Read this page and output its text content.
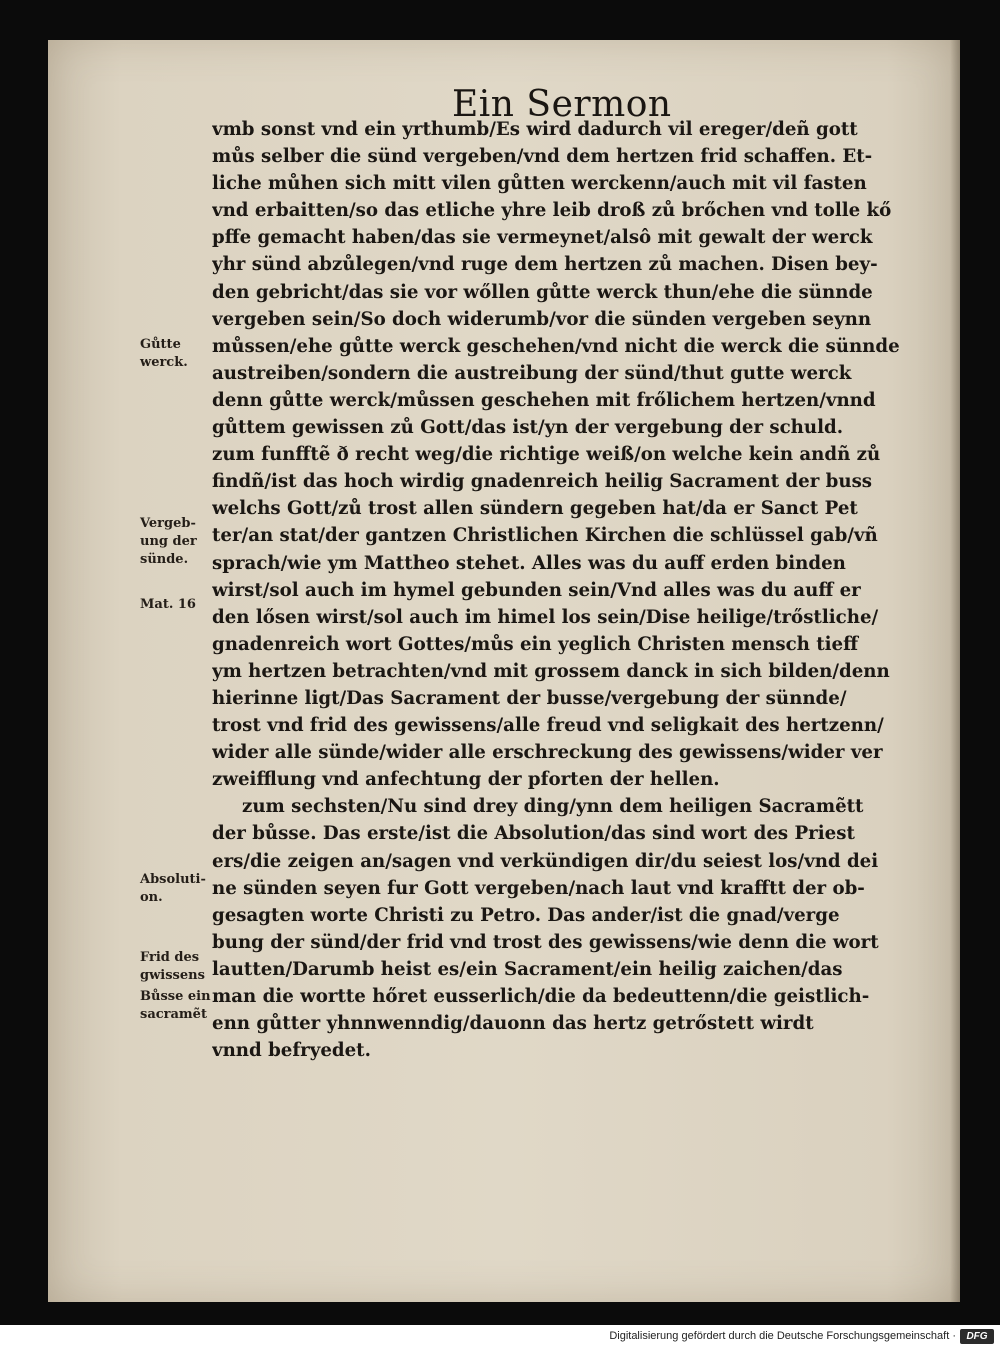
Ein Sermon
vmb sonst vnd ein yrthumb/Es wird dadurch vil ereger/deñ gott
můs selber die sünd vergeben/vnd dem hertzen frid schaffen. Et‑
liche můhen sich mitt vilen gůtten werckenn/auch mit vil fasten
vnd erbaitten/so das etliche yhre leib droß zů brőchen vnd tolle kő
pffe gemacht haben/das sie vermeynet/alsô mit gewalt der werck
yhr sünd abzůlegen/vnd ruge dem hertzen zů machen. Disen bey‑
den gebricht/das sie vor wőllen gůtte werck thun/ehe die sünnde
vergeben sein/So doch widerumb/vor die sünden vergeben seynn
můssen/ehe gůtte werck geschehen/vnd nicht die werck die sünnde
austreiben/sondern die austreibung der sünd/thut gutte werck
denn gůtte werck/můssen geschehen mit frőlichem hertzen/vnnd
gůttem gewissen zů Gott/das ist/yn der vergebung der schuld.
zum funfftẽ ð recht weg/die richtige weiß/on welche kein andñ zů
findñ/ist das hoch wirdig gnadenreich heilig Sacrament der buss
welchs Gott/zů trost allen sündern gegeben hat/da er Sanct Pet
ter/an stat/der gantzen Christlichen Kirchen die schlüssel gab/vñ
sprach/wie ym Mattheo stehet. Alles was du auff erden binden
wirst/sol auch im hymel gebunden sein/Vnd alles was du auff er
den lősen wirst/sol auch im himel los sein/Dise heilige/trőstliche/
gnadenreich wort Gottes/můs ein yeglich Christen mensch tieff
ym hertzen betrachten/vnd mit grossem danck in sich bilden/denn
hierinne ligt/Das Sacrament der busse/vergebung der sünnde/
trost vnd frid des gewissens/alle freud vnd seligkait des hertzenn/
wider alle sünde/wider alle erschreckung des gewissens/wider ver
zweifflung vnd anfechtung der pforten der hellen.
zum sechsten/Nu sind drey ding/ynn dem heiligen Sacramẽtt
der bůsse. Das erste/ist die Absolution/das sind wort des Priest
ers/die zeigen an/sagen vnd verkündigen dir/du seiest los/vnd dei
ne sünden seyen fur Gott vergeben/nach laut vnd krafftt der ob‑
gesagten worte Christi zu Petro. Das ander/ist die gnad/verge
bung der sünd/der frid vnd trost des gewissens/wie denn die wort
lautten/Darumb heist es/ein Sacrament/ein heilig zaichen/das
man die wortte hőret eusserlich/die da bedeuttenn/die geistlich‑
enn gůtter yhnnwenndig/dauonn das hertz getrőstett wirdt
vnnd befryedet.
Gůtte
werck.
Vergeb‑
ung der
sünde.
Mat. 16
Absoluti‑
on.
Frid des
gwissens
Bůsse ein
sacramẽt
Digitalisierung gefördert durch die Deutsche Forschungsgemeinschaft ·	DFG
